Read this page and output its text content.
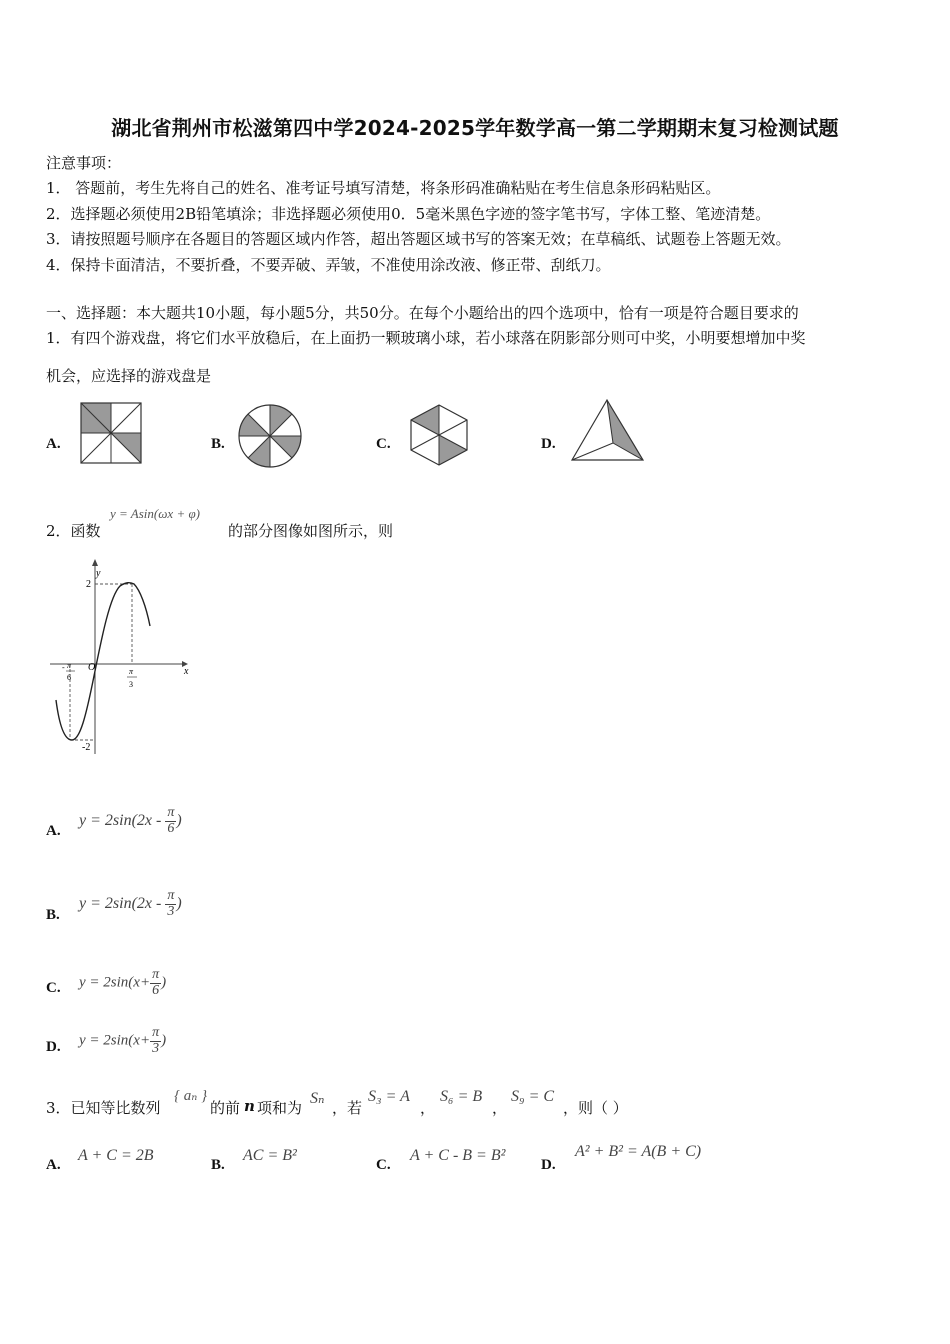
湖北省荆州市松滋第四中学2024-2025学年数学高一第二学期期末复习检测试题
注意事项：
1． 答题前，考生先将自己的姓名、准考证号填写清楚，将条形码准确粘贴在考生信息条形码粘贴区。
2．选择题必须使用2B铅笔填涂；非选择题必须使用0．5毫米黑色字迹的签字笔书写，字体工整、笔迹清楚。
3．请按照题号顺序在各题目的答题区域内作答，超出答题区域书写的答案无效；在草稿纸、试题卷上答题无效。
4．保持卡面清洁，不要折叠，不要弄破、弄皱，不准使用涂改液、修正带、刮纸刀。
一、选择题：本大题共10小题，每小题5分，共50分。在每个小题给出的四个选项中，恰有一项是符合题目要求的
1．有四个游戏盘，将它们水平放稳后，在上面扔一颗玻璃小球，若小球落在阴影部分则可中奖，小明要想增加中奖
机会，应选择的游戏盘是
A.	B.	C.	D.
2．函数
y = Asin(ωx + φ)
的部分图像如图所示，则
y
x
2
-2
O
- π
6
π
3
A.
$y = 2\sin(2x - \frac{\pi}{6}$ )
B.
$y = 2\sin(2x - \frac{\pi}{3}$ )
C. $y = 2\sin(x+ \frac{\pi}{6}$ )
D. $y = 2\sin(x+ \frac{\pi}{3}$ )
3．已知等比数列
{ aₙ }
的前 n 项和为
Sₙ
，若
S₃ = A
，
S₆ = B
，
S₉ = C
，则（ ）
A.
A + C = 2B
B.
AC = B²
C.
A + C - B = B²
D.
A² + B² = A(B + C)
